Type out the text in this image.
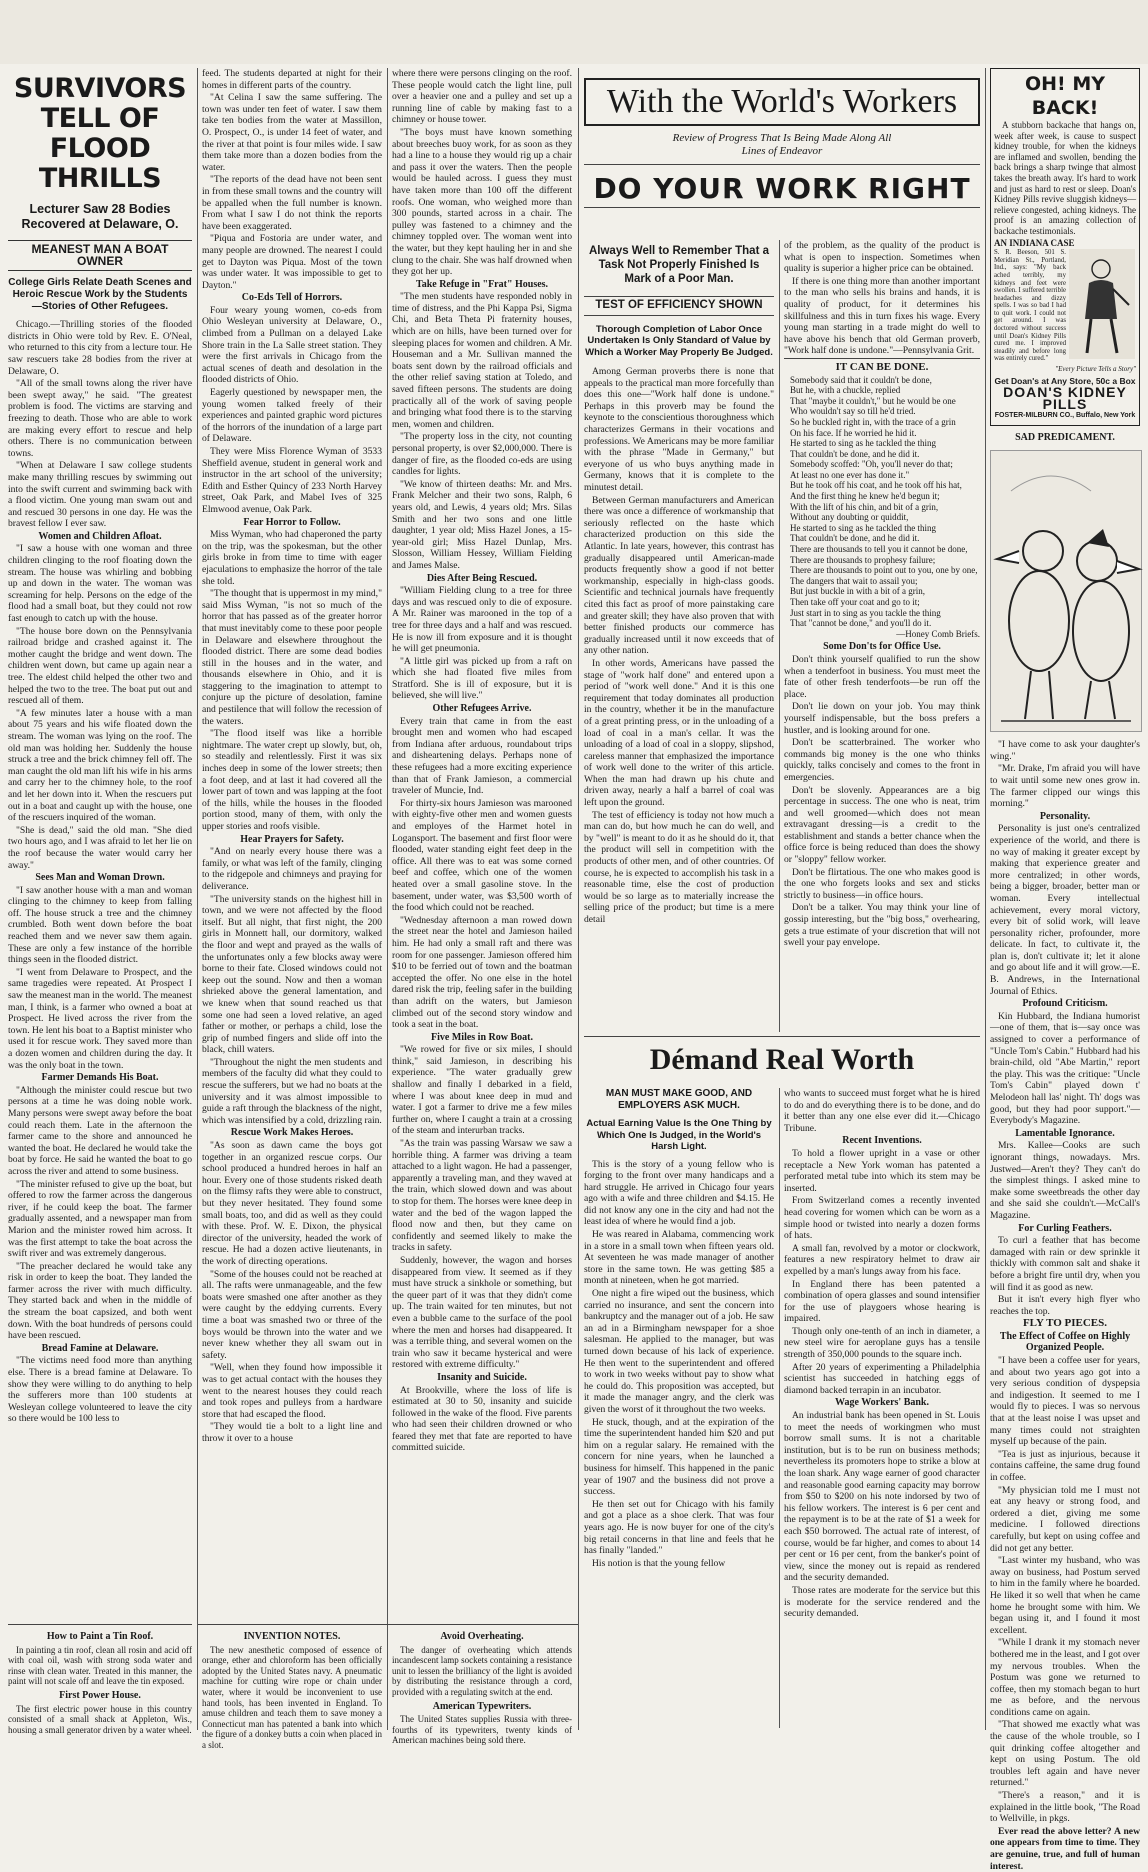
SURVIVORS TELL OF FLOOD THRILLS
Lecturer Saw 28 Bodies Recovered at Delaware, O.
MEANEST MAN A BOAT OWNER
College Girls Relate Death Scenes and Heroic Rescue Work by the Students—Stories of Other Refugees.

Chicago.—Thrilling stories of the flooded districts in Ohio were told by Rev. E. O'Neal, who returned to this city from a lecture tour. He saw rescuers take 28 bodies from the river at Delaware, O.

"All of the small towns along the river have been swept away," he said. "The greatest problem is food. The victims are starving and freezing to death. Those who are able to work are making every effort to rescue and help others. There is no communication between towns.

"When at Delaware I saw college students make many thrilling rescues by swimming out into the swift current and swimming back with a flood victim. One young man swam out and and rescued 30 persons in one day. He was the bravest fellow I ever saw.

Women and Children Afloat.

"I saw a house with one woman and three children clinging to the roof floating down the stream. The house was whirling and bobbing up and down in the water. The woman was screaming for help. Persons on the edge of the flood had a small boat, but they could not row fast enough to catch up with the house.

"The house bore down on the Pennsylvania railroad bridge and crashed against it. The mother caught the bridge and went down. The children went down, but came up again near a tree. The eldest child helped the other two and helped the two to the tree. The boat put out and rescued all of them.

"A few minutes later a house with a man about 75 years and his wife floated down the stream. The woman was lying on the roof. The old man was holding her. Suddenly the house struck a tree and the brick chimney fell off. The man caught the old man lift his wife in his arms and carry her to the chimney hole, to the roof and let her down into it. When the rescuers put out in a boat and caught up with the house, one of the rescuers inquired of the woman.

"She is dead," said the old man. "She died two hours ago, and I was afraid to let her lie on the roof because the water would carry her away."

Sees Man and Woman Drown.

"I saw another house with a man and woman clinging to the chimney to keep from falling off. The house struck a tree and the chimney crumbled. Both went down before the boat reached them and we never saw them again. These are only a few instance of the horrible things seen in the flooded district.

"I went from Delaware to Prospect, and the same tragedies were repeated. At Prospect I saw the meanest man in the world. The meanest man, I think, is a farmer who owned a boat at Prospect. He lived across the river from the town. He lent his boat to a Baptist minister who used it for rescue work. They saved more than a dozen women and children during the day. It was the only boat in the town.

Farmer Demands His Boat.

"Although the minister could rescue but two persons at a time he was doing noble work. Many persons were swept away before the boat could reach them. Late in the afternoon the farmer came to the shore and announced he wanted the boat. He declared he would take the boat by force. He said he wanted the boat to go across the river and attend to some business.

"The minister refused to give up the boat, but offered to row the farmer across the dangerous river, if he could keep the boat. The farmer gradually assented, and a newspaper man from Marion and the minister rowed him across. It was the first attempt to take the boat across the swift river and was extremely dangerous.

"The preacher declared he would take any risk in order to keep the boat. They landed the farmer across the river with much difficulty. They started back and when in the middle of the stream the boat capsized, and both went down. With the boat hundreds of persons could have been rescued.

Bread Famine at Delaware.

"The victims need food more than anything else. There is a bread famine at Delaware. To show they were willing to do anything to help the sufferers more than 100 students at Wesleyan college volunteered to leave the city so there would be 100 less to

feed. The students departed at night for their homes in different parts of the country.

"At Celina I saw the same suffering. The town was under ten feet of water. I saw them take ten bodies from the water at Massillon, O. Prospect, O., is under 14 feet of water, and the river at that point is four miles wide. I saw them take more than a dozen bodies from the water.

"The reports of the dead have not been sent in from these small towns and the country will be appalled when the full number is known. From what I saw I do not think the reports have been exaggerated.

"Piqua and Fostoria are under water, and many people are drowned. The nearest I could get to Dayton was Piqua. Most of the town was under water. It was impossible to get to Dayton."

Co-Eds Tell of Horrors.

Four weary young women, co-eds from Ohio Wesleyan university at Delaware, O., climbed from a Pullman on a delayed Lake Shore train in the La Salle street station. They were the first arrivals in Chicago from the actual scenes of death and desolation in the flooded districts of Ohio.

Eagerly questioned by newspaper men, the young women talked freely of their experiences and painted graphic word pictures of the horrors of the inundation of a large part of Delaware.

They were Miss Florence Wyman of 3533 Sheffield avenue, student in general work and instructor in the art school of the university; Edith and Esther Quincy of 233 North Harvey street, Oak Park, and Mabel Ives of 325 Elmwood avenue, Oak Park.

Fear Horror to Follow.

Miss Wyman, who had chaperoned the party on the trip, was the spokesman, but the other girls broke in from time to time with eager ejaculations to emphasize the horror of the tale she told.

"The thought that is uppermost in my mind," said Miss Wyman, "is not so much of the horror that has passed as of the greater horror that must inevitably come to these poor people in Delaware and elsewhere throughout the flooded district. There are some dead bodies still in the houses and in the water, and thousands elsewhere in Ohio, and it is staggering to the imagination to attempt to conjure up the picture of desolation, famine and pestilence that will follow the recession of the waters.

"The flood itself was like a horrible nightmare. The water crept up slowly, but, oh, so steadily and relentlessly. First it was six inches deep in some of the lower streets; then a foot deep, and at last it had covered all the lower part of town and was lapping at the foot of the hills, while the houses in the flooded portion stood, many of them, with only the upper stories and roofs visible.

Hear Prayers for Safety.

"And on nearly every house there was a family, or what was left of the family, clinging to the ridgepole and chimneys and praying for deliverance.

"The university stands on the highest hill in town, and we were not affected by the flood itself. But all night, that first night, the 200 girls in Monnett hall, our dormitory, walked the floor and wept and prayed as the walls of the unfortunates only a few blocks away were borne to their fate. Closed windows could not keep out the sound. Now and then a woman shrieked above the general lamentation, and we knew when that sound reached us that some one had seen a loved relative, an aged father or mother, or perhaps a child, lose the grip of numbed fingers and slide off into the black, chill waters.

"Throughout the night the men students and members of the faculty did what they could to rescue the sufferers, but we had no boats at the university and it was almost impossible to guide a raft through the blackness of the night, which was intensified by a cold, drizzling rain.

Rescue Work Makes Heroes.

"As soon as dawn came the boys got together in an organized rescue corps. Our school produced a hundred heroes in half an hour. Every one of those students risked death on the flimsy rafts they were able to construct, but they never hesitated. They found some small boats, too, and did as well as they could with these. Prof. W. E. Dixon, the physical director of the university, headed the work of rescue. He had a dozen active lieutenants, in the work of directing operations.

"Some of the houses could not be reached at all. The rafts were unmanageable, and the few boats were smashed one after another as they were caught by the eddying currents. Every time a boat was smashed two or three of the boys would be thrown into the water and we never knew whether they all swam out in safety.

"Well, when they found how impossible it was to get actual contact with the houses they went to the nearest houses they could reach and took ropes and pulleys from a hardware store that had escaped the flood.

"They would tie a bolt to a light line and throw it over to a house

where there were persons clinging on the roof. These people would catch the light line, pull over a heavier one and a pulley and set up a running line of cable by making fast to a chimney or house tower.

"The boys must have known something about breeches buoy work, for as soon as they had a line to a house they would rig up a chair and pass it over the waters. Then the people would be hauled across. I guess they must have taken more than 100 off the different roofs. One woman, who weighed more than 300 pounds, started across in a chair. The pulley was fastened to a chimney and the chimney toppled over. The woman went into the water, but they kept hauling her in and she clung to the chair. She was half drowned when they got her up.

Take Refuge in "Frat" Houses.

"The men students have responded nobly in time of distress, and the Phi Kappa Psi, Sigma Chi, and Beta Theta Pi fraternity houses, which are on hills, have been turned over for sleeping places for women and children. A Mr. Houseman and a Mr. Sullivan manned the boats sent down by the railroad officials and the other relief saving station at Toledo, and saved fifteen persons. The students are doing practically all of the work of saving people and bringing what food there is to the starving men, women and children.

"The property loss in the city, not counting personal property, is over $2,000,000. There is danger of fire, as the flooded co-eds are using candles for lights.

"We know of thirteen deaths: Mr. and Mrs. Frank Melcher and their two sons, Ralph, 6 years old, and Lewis, 4 years old; Mrs. Silas Smith and her two sons and one little daughter, 1 year old; Miss Hazel Jones, a 15-year-old girl; Miss Hazel Dunlap, Mrs. Slosson, William Hessey, William Fielding and James Malse.

Dies After Being Rescued.

"William Fielding clung to a tree for three days and was rescued only to die of exposure. A Mr. Rainer was marooned in the top of a tree for three days and a half and was rescued. He is now ill from exposure and it is thought he will get pneumonia.

"A little girl was picked up from a raft on which she had floated five miles from Stratford. She is ill of exposure, but it is believed, she will live."

Other Refugees Arrive.

Every train that came in from the east brought men and women who had escaped from Indiana after arduous, roundabout trips and disheartening delays. Perhaps none of these refugees had a more exciting experience than that of Frank Jamieson, a commercial traveler of Muncie, Ind.

For thirty-six hours Jamieson was marooned with eighty-five other men and women guests and employes of the Harmet hotel in Logansport. The basement and first floor were flooded, water standing eight feet deep in the office. All there was to eat was some corned beef and coffee, which one of the women heated over a small gasoline stove. In the basement, under water, was $3,500 worth of the food which could not be reached.

"Wednesday afternoon a man rowed down the street near the hotel and Jamieson hailed him. He had only a small raft and there was room for one passenger. Jamieson offered him $10 to be ferried out of town and the boatman accepted the offer. No one else in the hotel dared risk the trip, feeling safer in the building than adrift on the waters, but Jamieson climbed out of the second story window and took a seat in the boat.

Five Miles in Row Boat.

"We rowed for five or six miles, I should think," said Jamieson, in describing his experience. "The water gradually grew shallow and finally I debarked in a field, where I was about knee deep in mud and water. I got a farmer to drive me a few miles further on, where I caught a train at a crossing of the steam and interurban tracks.

"As the train was passing Warsaw we saw a horrible thing. A farmer was driving a team attached to a light wagon. He had a passenger, apparently a traveling man, and they waved at the train, which slowed down and was about to stop for them. The horses were knee deep in water and the bed of the wagon lapped the flood now and then, but they came on confidently and seemed likely to make the tracks in safety.

Suddenly, however, the wagon and horses disappeared from view. It seemed as if they must have struck a sinkhole or something, but the queer part of it was that they didn't come up. The train waited for ten minutes, but not even a bubble came to the surface of the pool where the men and horses had disappeared. It was a terrible thing, and several women on the train who saw it became hysterical and were restored with extreme difficulty."

Insanity and Suicide.

At Brookville, where the loss of life is estimated at 30 to 50, insanity and suicide followed in the wake of the flood. Five parents who had seen their children drowned or who feared they met that fate are reported to have committed suicide.

INVENTION NOTES.

The new anesthetic composed of essence of orange, ether and chloroform has been officially adopted by the United States navy. A pneumatic machine for cutting wire rope or chain under water, where it would be inconvenient to use hand tools, has been invented in England. To amuse children and teach them to save money a Connecticut man has patented a bank into which the figure of a donkey butts a coin when placed in a slot.

Avoid Overheating.

The danger of overheating which attends incandescent lamp sockets containing a resistance unit to lessen the brilliancy of the light is avoided by distributing the resistance through a cord, provided with a regulating switch at the end.

American Typewriters.

The United States supplies Russia with three-fourths of its typewriters, twenty kinds of American machines being sold there.

With the World's Workers
Review of Progress That Is Being Made Along All Lines of Endeavor
DO YOUR WORK RIGHT
Always Well to Remember That a Task Not Properly Finished Is Mark of a Poor Man.
TEST OF EFFICIENCY SHOWN
Thorough Completion of Labor Once Undertaken Is Only Standard of Value by Which a Worker May Properly Be Judged.

Among German proverbs there is none that appeals to the practical man more forcefully than does this one—"Work half done is undone." Perhaps in this proverb may be found the keynote to the conscientious thoroughness which characterizes Germans in their vocations and professions. We Americans may be more familiar with the phrase "Made in Germany," but everyone of us who buys anything made in Germany, knows that it is complete to the minutest detail.

Between German manufacturers and American there was once a difference of workmanship that seriously reflected on the haste which characterized production on this side the Atlantic. In late years, however, this contrast has gradually disappeared until American-made products frequently show a good if not better workmanship, especially in high-class goods. Scientific and technical journals have frequently cited this fact as proof of more painstaking care and greater skill; they have also proven that with better finished products our commerce has gradually increased until it now exceeds that of any other nation.

In other words, Americans have passed the stage of "work half done" and entered upon a period of "work well done." And it is this one requirement that today dominates all production in the country, whether it be in the manufacture of a great printing press, or in the unloading of a load of coal in a man's cellar. It was the unloading of a load of coal in a sloppy, slipshod, careless manner that emphasized the importance of work well done to the writer of this article. When the man had drawn up his chute and driven away, nearly a half a barrel of coal was left upon the ground.

The test of efficiency is today not how much a man can do, but how much he can do well, and by "well" is meant to do it as he should do it, that the product will sell in competition with the products of other men, and of other countries. Of course, he is expected to accomplish his task in a reasonable time, else the cost of production would be so large as to materially increase the selling price of the product; but time is a mere detail

of the problem, as the quality of the product is what is open to inspection. Sometimes when quality is superior a higher price can be obtained.

If there is one thing more than another important to the man who sells his brains and hands, it is quality of product, for it determines his skillfulness and this in turn fixes his wage. Every young man starting in a trade might do well to have above his bench that old German proverb, "Work half done is undone."—Pennsylvania Grit.

IT CAN BE DONE.

Somebody said that it couldn't be done,
But he, with a chuckle, replied
That "maybe it couldn't," but he would be one
Who wouldn't say so till he'd tried.
So he buckled right in, with the trace of a grin
On his face. If he worried he hid it.
He started to sing as he tackled the thing
That couldn't be done, and he did it.
Somebody scoffed: "Oh, you'll never do that;
At least no one ever has done it."
But he took off his coat, and he took off his hat,
And the first thing he knew he'd begun it;
With the lift of his chin, and bit of a grin,
Without any doubting or quiddit,
He started to sing as he tackled the thing
That couldn't be done, and he did it.
There are thousands to tell you it cannot be done,
There are thousands to prophesy failure;
There are thousands to point out to you, one by one,
The dangers that wait to assail you;
But just buckle in with a bit of a grin,
Then take off your coat and go to it;
Just start in to sing as you tackle the thing
That "cannot be done," and you'll do it.

—Honey Comb Briefs.

Some Don'ts for Office Use.

Don't think yourself qualified to run the show when a tenderfoot in business. You must meet the fate of other fresh tenderfoots—be run off the place.

Don't lie down on your job. You may think yourself indispensable, but the boss prefers a hustler, and is looking around for one.

Don't be scatterbrained. The worker who commands big money is the one who thinks quickly, talks concisely and comes to the front in emergencies.

Don't be slovenly. Appearances are a big percentage in success. The one who is neat, trim and well groomed—which does not mean extravagant dressing—is a credit to the establishment and stands a better chance when the office force is being reduced than does the showy or "sloppy" fellow worker.

Don't be flirtatious. The one who makes good is the one who forgets looks and sex and sticks strictly to business—in office hours.

Don't be a talker. You may think your line of gossip interesting, but the "big boss," overhearing, gets a true estimate of your discretion that will not swell your pay envelope.

Démand Real Worth
MAN MUST MAKE GOOD, AND EMPLOYERS ASK MUCH.
Actual Earning Value Is the One Thing by Which One Is Judged, in the World's Harsh Light.

This is the story of a young fellow who is forging to the front over many handicaps and a hard struggle. He arrived in Chicago four years ago with a wife and three children and $4.15. He did not know any one in the city and had not the least idea of where he would find a job.

He was reared in Alabama, commencing work in a store in a small town when fifteen years old. At seventeen he was made manager of another store in the same town. He was getting $85 a month at nineteen, when he got married.

One night a fire wiped out the business, which carried no insurance, and sent the concern into bankruptcy and the manager out of a job. He saw an ad in a Birmingham newspaper for a shoe salesman. He applied to the manager, but was turned down because of his lack of experience. He then went to the superintendent and offered to work in two weeks without pay to show what he could do. This proposition was accepted, but it made the manager angry, and the clerk was given the worst of it throughout the two weeks.

He stuck, though, and at the expiration of the time the superintendent handed him $20 and put him on a regular salary. He remained with the concern for nine years, when he launched a business for himself. This happened in the panic year of 1907 and the business did not prove a success.

He then set out for Chicago with his family and got a place as a shoe clerk. That was four years ago. He is now buyer for one of the city's big retail concerns in that line and feels that he has finally "landed."

His notion is that the young fellow

who wants to succeed must forget what he is hired to do and do everything there is to be done, and do it better than any one else ever did it.—Chicago Tribune.

Recent Inventions.

To hold a flower upright in a vase or other receptacle a New York woman has patented a perforated metal tube into which its stem may be inserted.

From Switzerland comes a recently invented head covering for women which can be worn as a simple hood or twisted into nearly a dozen forms of hats.

A small fan, revolved by a motor or clockwork, features a new respiratory helmet to draw air expelled by a man's lungs away from his face.

In England there has been patented a combination of opera glasses and sound intensifier for the use of playgoers whose hearing is impaired.

Though only one-tenth of an inch in diameter, a new steel wire for aeroplane guys has a tensile strength of 350,000 pounds to the square inch.

After 20 years of experimenting a Philadelphia scientist has succeeded in hatching eggs of diamond backed terrapin in an incubator.

Wage Workers' Bank.

An industrial bank has been opened in St. Louis to meet the needs of workingmen who must borrow small sums. It is not a charitable institution, but is to be run on business methods; nevertheless its promoters hope to strike a blow at the loan shark. Any wage earner of good character and reasonable good earning capacity may borrow from $50 to $200 on his note indorsed by two of his fellow workers. The interest is 6 per cent and the repayment is to be at the rate of $1 a week for each $50 borrowed. The actual rate of interest, of course, would be far higher, and comes to about 14 per cent or 16 per cent, from the banker's point of view, since the money out is repaid as rendered and the security demanded.

Those rates are moderate for the service but this is moderate for the service rendered and the security demanded.

OH! MY BACK!

A stubborn backache that hangs on, week after week, is cause to suspect kidney trouble, for when the kidneys are inflamed and swollen, bending the back brings a sharp twinge that almost takes the breath away. It's hard to work and just as hard to rest or sleep. Doan's Kidney Pills revive sluggish kidneys—relieve congested, aching kidneys. The proof is an amazing collection of backache testimonials.

AN INDIANA CASE

S. R. Beeson, 501 S. Meridian St., Portland, Ind., says: "My back ached terribly, my kidneys and feet were swollen. I suffered terrible headaches and dizzy spells. I was so bad I had to quit work. I could not get around. I was doctored without success until Doan's Kidney Pills cured me. I improved steadily and before long was entirely cured."

"Every Picture Tells a Story"
Get Doan's at Any Store, 50c a Box
DOAN'S KIDNEY PILLS
FOSTER-MILBURN CO., Buffalo, New York
SAD PREDICAMENT.

"I have come to ask your daughter's wing."

"Mr. Drake, I'm afraid you will have to wait until some new ones grow in. The farmer clipped our wings this morning."

Personality.

Personality is just one's centralized experience of the world, and there is no way of making it greater except by making that experience greater and more centralized; in other words, being a bigger, broader, better man or woman. Every intellectual achievement, every moral victory, every bit of solid work, will leave personality richer, profounder, more delicate. In fact, to cultivate it, the plan is, don't cultivate it; let it alone and go about life and it will grow.—E. B. Andrews, in the International Journal of Ethics.

Profound Criticism.

Kin Hubbard, the Indiana humorist—one of them, that is—say once was assigned to cover a performance of "Uncle Tom's Cabin." Hubbard had his brain-child, old "Abe Martin," report the play. This was the critique: "Uncle Tom's Cabin" played down t' Melodeon hall las' night. Th' dogs was good, but they had poor support."—Everybody's Magazine.

Lamentable Ignorance.

Mrs. Kallee—Cooks are such ignorant things, nowadays. Mrs. Justwed—Aren't they? They can't do the simplest things. I asked mine to make some sweetbreads the other day and she said she couldn't.—McCall's Magazine.

For Curling Feathers.

To curl a feather that has become damaged with rain or dew sprinkle it thickly with common salt and shake it before a bright fire until dry, when you will find it as good as new.

But it isn't every high flyer who reaches the top.

FLY TO PIECES.

The Effect of Coffee on Highly Organized People.

"I have been a coffee user for years, and about two years ago got into a very serious condition of dyspepsia and indigestion. It seemed to me I would fly to pieces. I was so nervous that at the least noise I was upset and many times could not straighten myself up because of the pain.

"Tea is just as injurious, because it contains caffeine, the same drug found in coffee.

"My physician told me I must not eat any heavy or strong food, and ordered a diet, giving me some medicine. I followed directions carefully, but kept on using coffee and did not get any better.

"Last winter my husband, who was away on business, had Postum served to him in the family where he boarded. He liked it so well that when he came home he brought some with him. We began using it, and I found it most excellent.

"While I drank it my stomach never bothered me in the least, and I got over my nervous troubles. When the Postum was gone we returned to coffee, then my stomach began to hurt me as before, and the nervous conditions came on again.

"That showed me exactly what was the cause of the whole trouble, so I quit drinking coffee altogether and kept on using Postum. The old troubles left again and have never returned."

"There's a reason," and it is explained in the little book, "The Road to Wellville, in pkgs.

Ever read the above letter? A new one appears from time to time. They are genuine, true, and full of human interest.

How to Paint a Tin Roof.

In painting a tin roof, clean all rosin and acid off with coal oil, wash with strong soda water and rinse with clean water. Treated in this manner, the paint will not scale off and leave the tin exposed.

First Power House.

The first electric power house in this country consisted of a small shack at Appleton, Wis., housing a small generator driven by a water wheel.
